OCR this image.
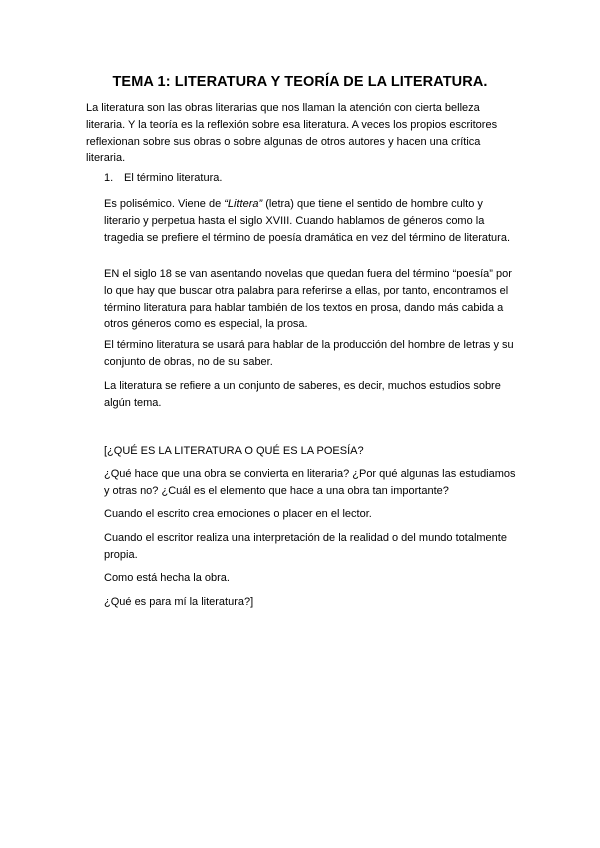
TEMA 1: LITERATURA Y TEORÍA DE LA LITERATURA.

La literatura son las obras literarias que nos llaman la atención con cierta belleza literaria. Y la teoría es la reflexión sobre esa literatura. A veces los propios escritores reflexionan sobre sus obras o sobre algunas de otros autores y hacen una crítica literaria.

1. El término literatura.

Es polisémico. Viene de “Littera” (letra) que tiene el sentido de hombre culto y literario y perpetua hasta el siglo XVIII. Cuando hablamos de géneros como la tragedia se prefiere el término de poesía dramática en vez del término de literatura.

EN el siglo 18 se van asentando novelas que quedan fuera del término “poesía” por lo que hay que buscar otra palabra para referirse a ellas, por tanto, encontramos el término literatura para hablar también de los textos en prosa, dando más cabida a otros géneros como es especial, la prosa.

El término literatura se usará para hablar de la producción del hombre de letras y su conjunto de obras, no de su saber.

La literatura se refiere a un conjunto de saberes, es decir, muchos estudios sobre algún tema.

[¿QUÉ ES LA LITERATURA O QUÉ ES LA POESÍA?

¿Qué hace que una obra se convierta en literaria? ¿Por qué algunas las estudiamos y otras no? ¿Cuál es el elemento que hace a una obra tan importante?

Cuando el escrito crea emociones o placer en el lector.

Cuando el escritor realiza una interpretación de la realidad o del mundo totalmente propia.

Como está hecha la obra.

¿Qué es para mí la literatura?]
